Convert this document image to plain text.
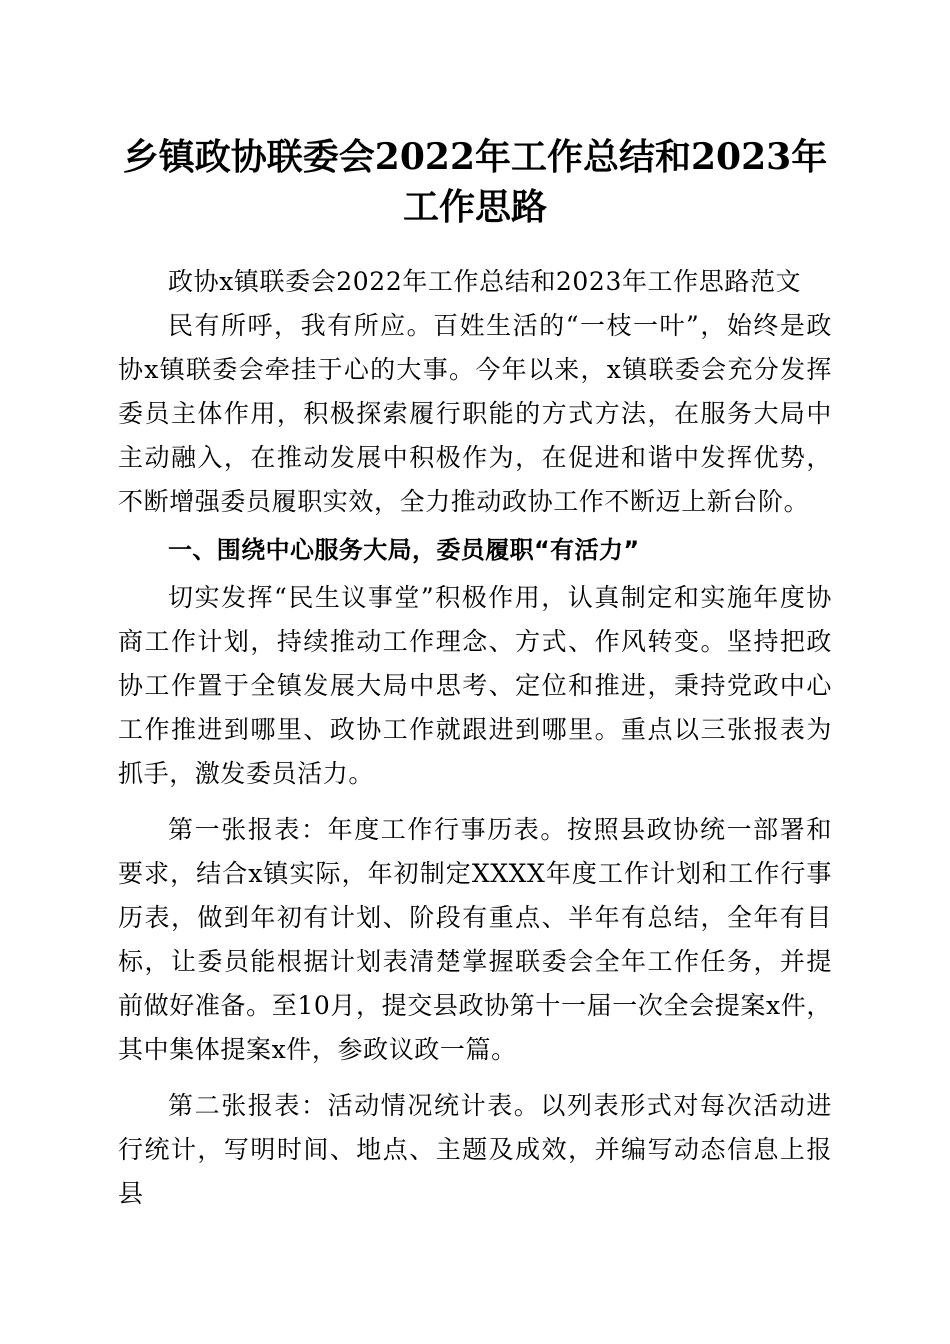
乡镇政协联委会2022年工作总结和2023年工作思路

政协x镇联委会2022年工作总结和2023年工作思路范文

民有所呼，我有所应。百姓生活的“一枝一叶”，始终是政协x镇联委会牵挂于心的大事。今年以来，x镇联委会充分发挥委员主体作用，积极探索履行职能的方式方法，在服务大局中主动融入，在推动发展中积极作为，在促进和谐中发挥优势，不断增强委员履职实效，全力推动政协工作不断迈上新台阶。

一、围绕中心服务大局，委员履职“有活力”

切实发挥“民生议事堂”积极作用，认真制定和实施年度协商工作计划，持续推动工作理念、方式、作风转变。坚持把政协工作置于全镇发展大局中思考、定位和推进，秉持党政中心工作推进到哪里、政协工作就跟进到哪里。重点以三张报表为抓手，激发委员活力。

第一张报表：年度工作行事历表。按照县政协统一部署和要求，结合x镇实际，年初制定XXXX年度工作计划和工作行事历表，做到年初有计划、阶段有重点、半年有总结，全年有目标，让委员能根据计划表清楚掌握联委会全年工作任务，并提前做好准备。至10月，提交县政协第十一届一次全会提案x件，其中集体提案x件，参政议政一篇。

第二张报表：活动情况统计表。以列表形式对每次活动进行统计，写明时间、地点、主题及成效，并编写动态信息上报县
